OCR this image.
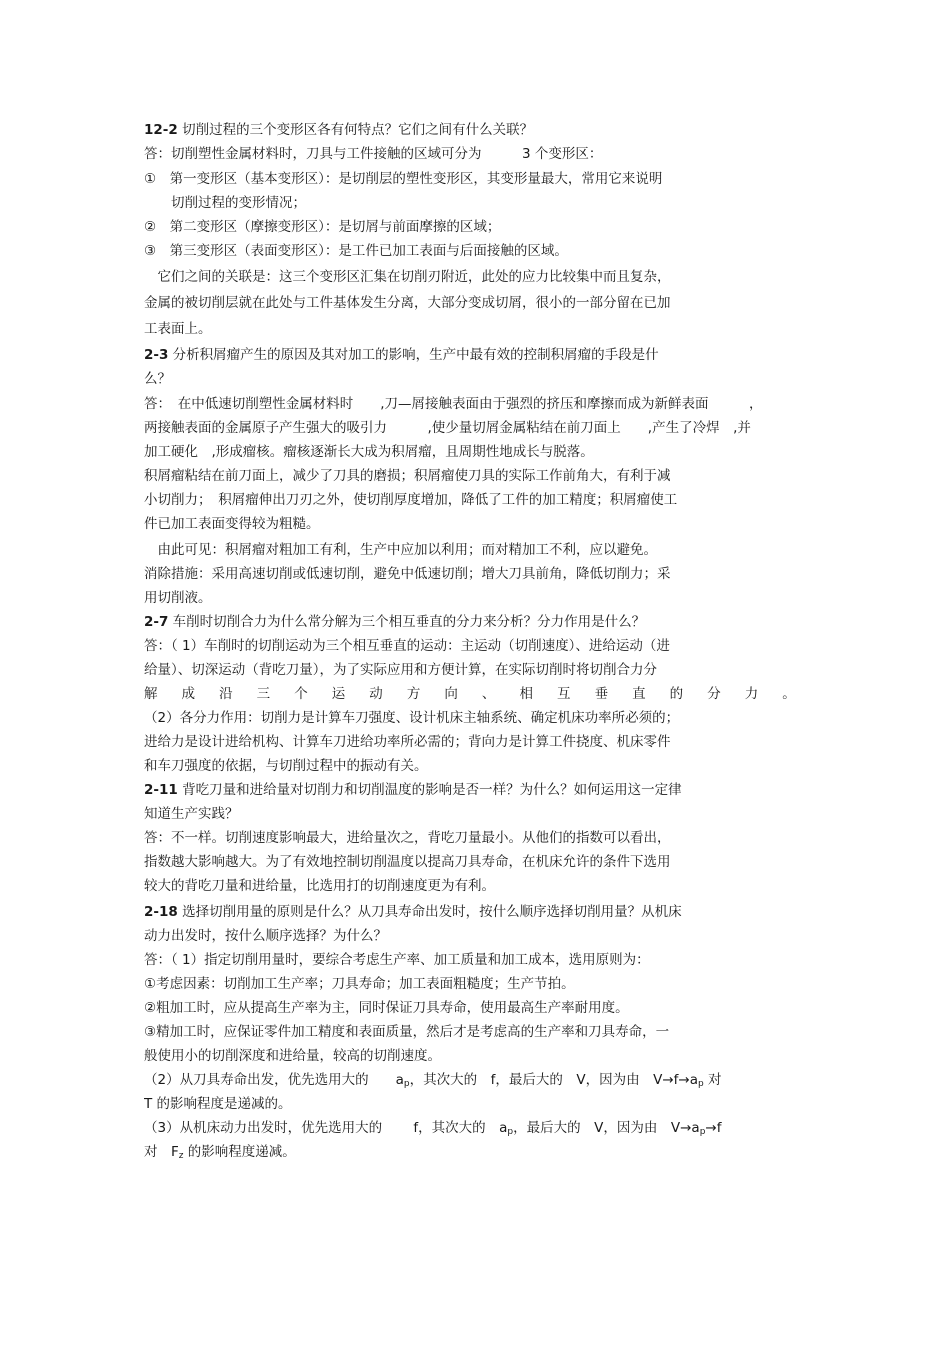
12-2 切削过程的三个变形区各有何特点？它们之间有什么关联？
答：切削塑性金属材料时，刀具与工件接触的区域可分为　　　3 个变形区：
①　第一变形区（基本变形区）：是切削层的塑性变形区，其变形量最大，常用它来说明
　　切削过程的变形情况；
②　第二变形区（摩擦变形区）：是切屑与前面摩擦的区域；
③　第三变形区（表面变形区）：是工件已加工表面与后面接触的区域。
　它们之间的关联是：这三个变形区汇集在切削刃附近，此处的应力比较集中而且复杂，
金属的被切削层就在此处与工件基体发生分离，大部分变成切屑，很小的一部分留在已加
工表面上。
2-3 分析积屑瘤产生的原因及其对加工的影响，生产中最有效的控制积屑瘤的手段是什
么？
答：　在中低速切削塑性金属材料时　　,刀—屑接触表面由于强烈的挤压和摩擦而成为新鲜表面　　　，
两接触表面的金属原子产生强大的吸引力　　　,使少量切屑金属粘结在前刀面上　　,产生了冷焊　,并
加工硬化　,形成瘤核。瘤核逐渐长大成为积屑瘤，且周期性地成长与脱落。
积屑瘤粘结在前刀面上，减少了刀具的磨损；积屑瘤使刀具的实际工作前角大，有利于减
小切削力；　积屑瘤伸出刀刃之外，使切削厚度增加，降低了工件的加工精度；积屑瘤使工
件已加工表面变得较为粗糙。
　由此可见：积屑瘤对粗加工有利，生产中应加以利用；而对精加工不利，应以避免。
消除措施：采用高速切削或低速切削，避免中低速切削；增大刀具前角，降低切削力；采
用切削液。
2-7 车削时切削合力为什么常分解为三个相互垂直的分力来分析？分力作用是什么？
答：（ 1）车削时的切削运动为三个相互垂直的运动：主运动（切削速度）、进给运动（进
给量）、切深运动（背吃刀量），为了实际应用和方便计算，在实际切削时将切削合力分
解 成 沿 三 个 运 动 方 向 、 相 互 垂 直 的 分 力 。
（2）各分力作用：切削力是计算车刀强度、设计机床主轴系统、确定机床功率所必须的；
进给力是设计进给机构、计算车刀进给功率所必需的；背向力是计算工件挠度、机床零件
和车刀强度的依据，与切削过程中的振动有关。
2-11 背吃刀量和进给量对切削力和切削温度的影响是否一样？为什么？如何运用这一定律
知道生产实践？
答：不一样。切削速度影响最大，进给量次之，背吃刀量最小。从他们的指数可以看出，
指数越大影响越大。为了有效地控制切削温度以提高刀具寿命，在机床允许的条件下选用
较大的背吃刀量和进给量，比选用打的切削速度更为有利。
2-18 选择切削用量的原则是什么？从刀具寿命出发时，按什么顺序选择切削用量？从机床
动力出发时，按什么顺序选择？为什么？
答：（ 1）指定切削用量时，要综合考虑生产率、加工质量和加工成本，选用原则为：
①考虑因素：切削加工生产率；刀具寿命；加工表面粗糙度；生产节拍。
②粗加工时，应从提高生产率为主，同时保证刀具寿命，使用最高生产率耐用度。
③精加工时，应保证零件加工精度和表面质量，然后才是考虑高的生产率和刀具寿命，一
般使用小的切削深度和进给量，较高的切削速度。
（2）从刀具寿命出发，优先选用大的　　$a_p$，其次大的　f，最后大的　V，因为由　$V\to f\to a_p$ 对
T 的影响程度是递减的。
（3）从机床动力出发时，优先选用大的　　 f，其次大的　$a_p$，最后大的　V，因为由　$V\to a_p\to f$
对　$F_z$ 的影响程度递减。
